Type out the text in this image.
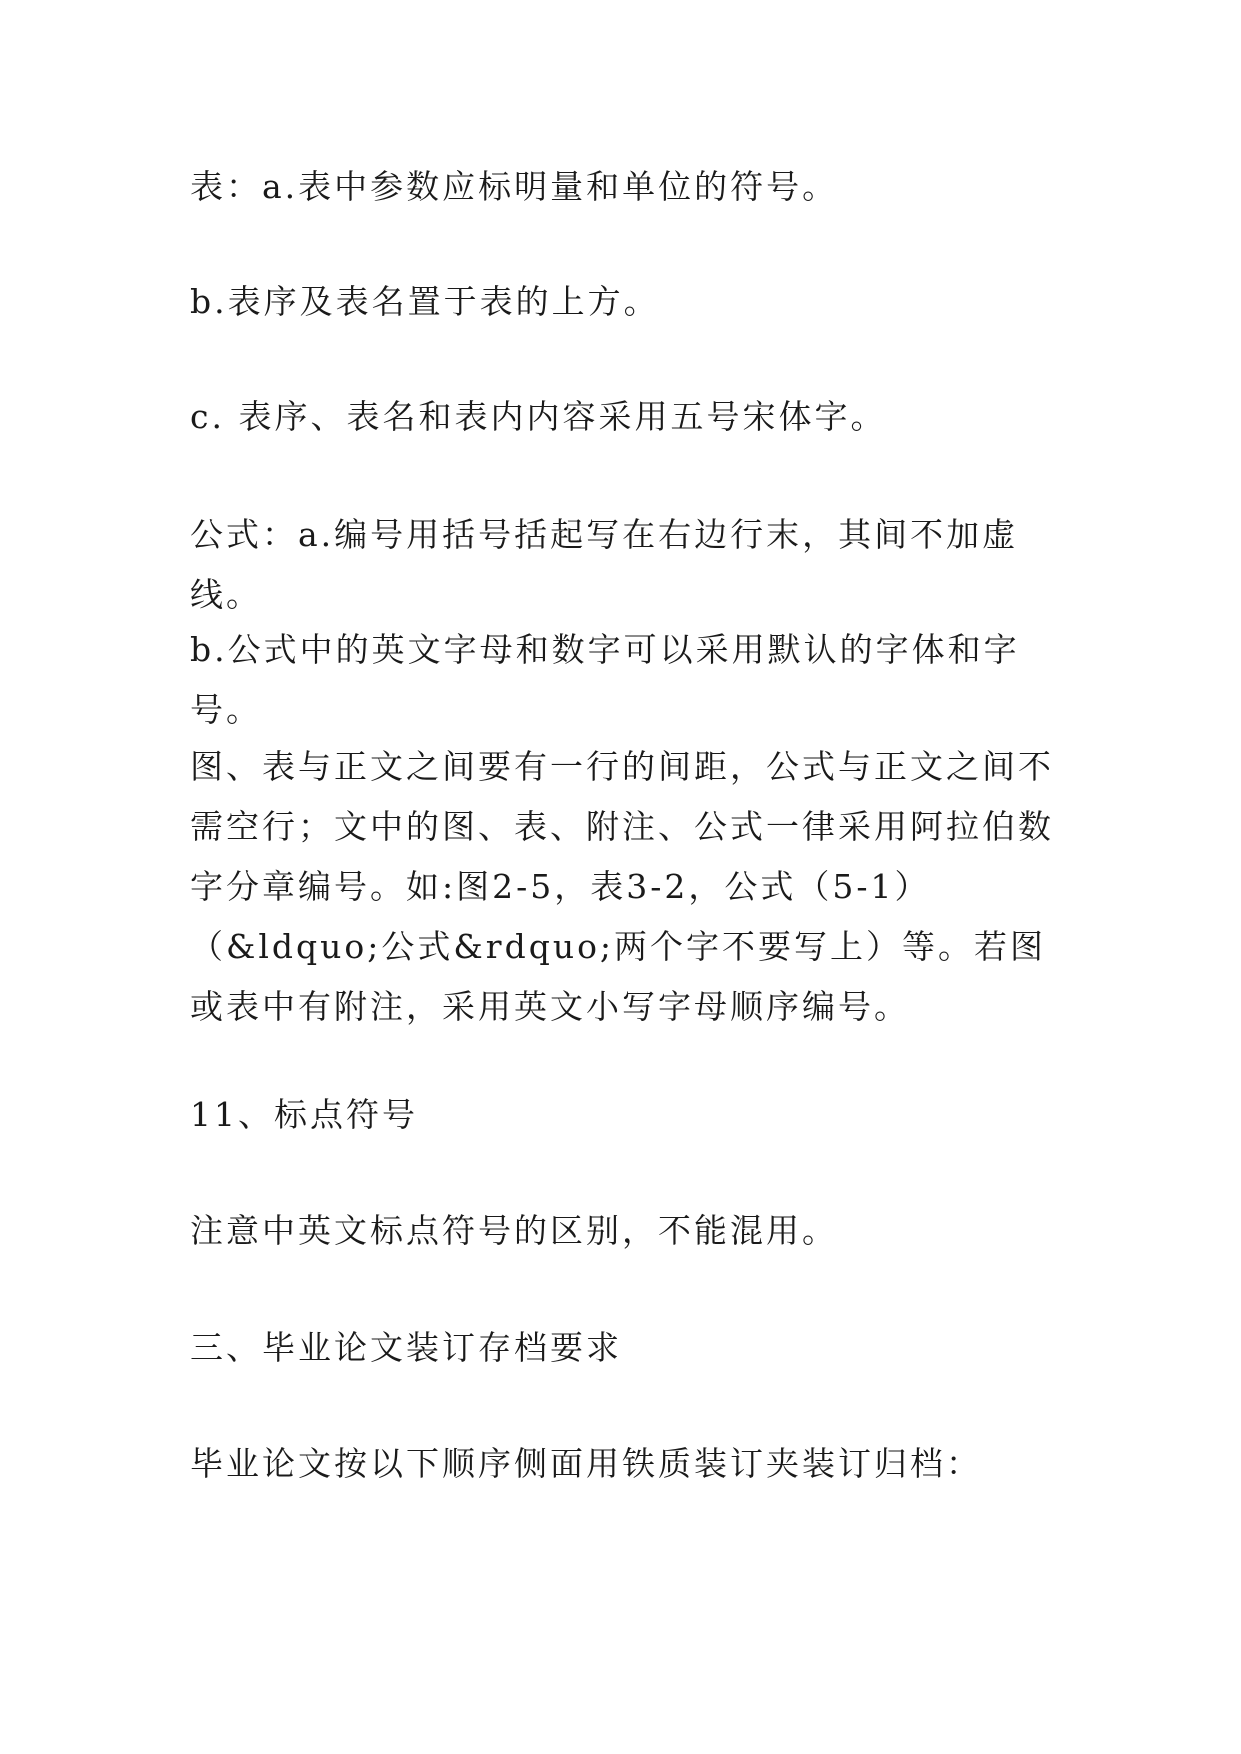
表：a.表中参数应标明量和单位的符号。

b.表序及表名置于表的上方。

c. 表序、表名和表内内容采用五号宋体字。

公式：a.编号用括号括起写在右边行末，其间不加虚线。

b.公式中的英文字母和数字可以采用默认的字体和字号。

图、表与正文之间要有一行的间距，公式与正文之间不需空行；文中的图、表、附注、公式一律采用阿拉伯数字分章编号。如:图2-5，表3-2，公式（5-1）（&ldquo;公式&rdquo;两个字不要写上）等。若图或表中有附注，采用英文小写字母顺序编号。

11、标点符号

注意中英文标点符号的区别，不能混用。

三、毕业论文装订存档要求

毕业论文按以下顺序侧面用铁质装订夹装订归档：
